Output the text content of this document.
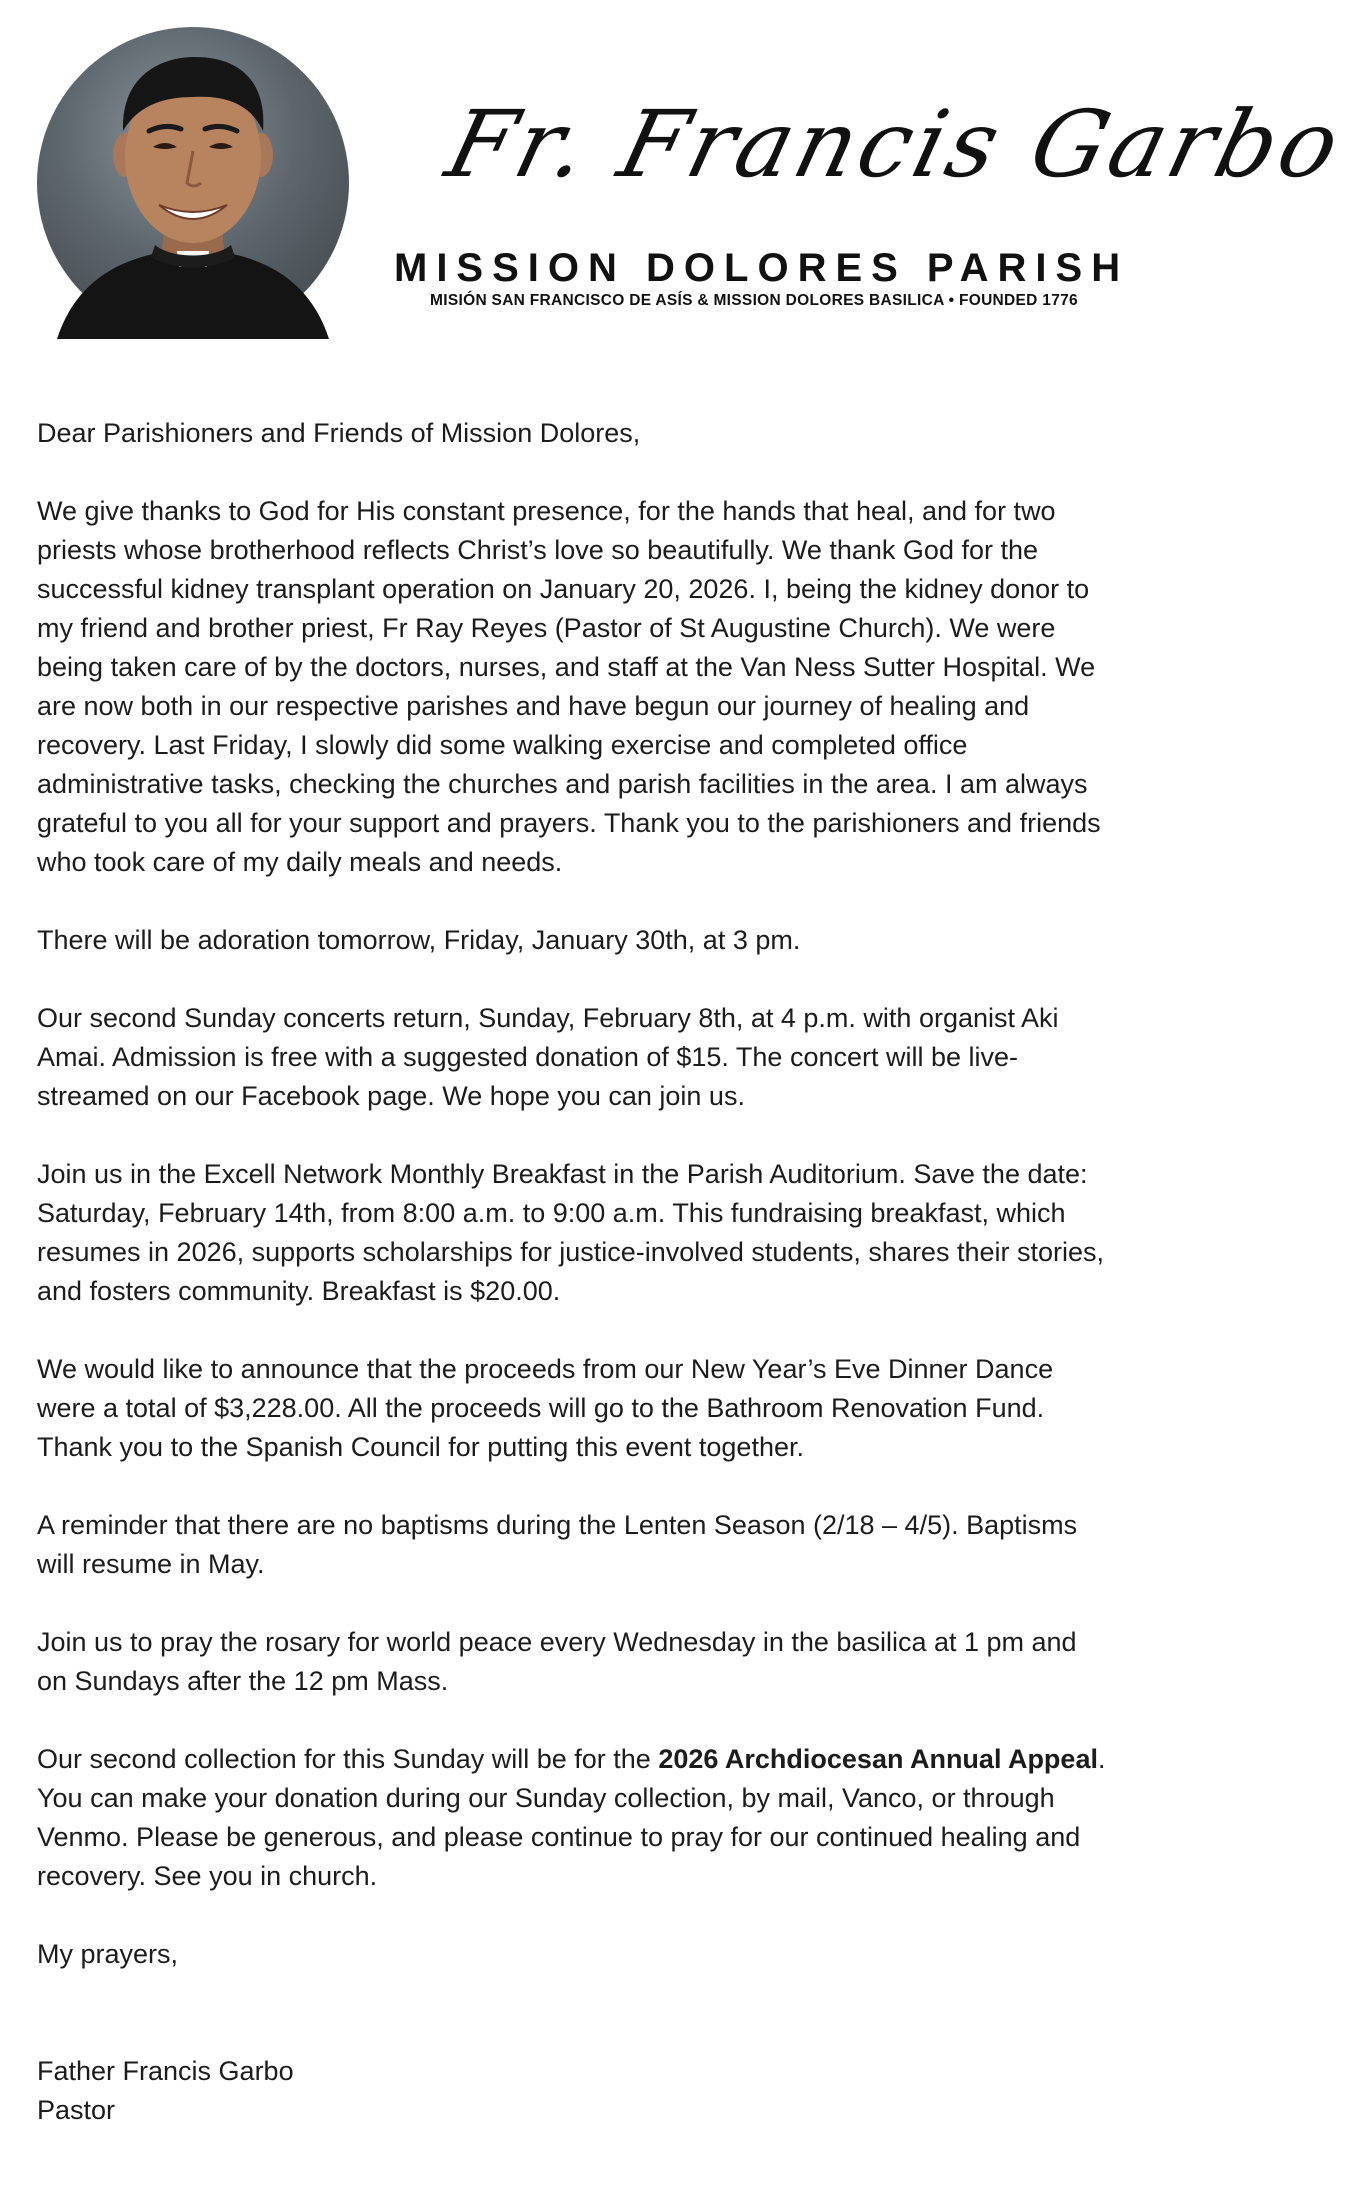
Fr. Francis Garbo
MISSION DOLORES PARISH
MISIÓN SAN FRANCISCO DE ASÍS & MISSION DOLORES BASILICA • FOUNDED 1776

Dear Parishioners and Friends of Mission Dolores,

We give thanks to God for His constant presence, for the hands that heal, and for two priests whose brotherhood reflects Christ’s love so beautifully. We thank God for the successful kidney transplant operation on January 20, 2026. I, being the kidney donor to my friend and brother priest, Fr Ray Reyes (Pastor of St Augustine Church). We were being taken care of by the doctors, nurses, and staff at the Van Ness Sutter Hospital. We are now both in our respective parishes and have begun our journey of healing and recovery. Last Friday, I slowly did some walking exercise and completed office administrative tasks, checking the churches and parish facilities in the area. I am always grateful to you all for your support and prayers. Thank you to the parishioners and friends who took care of my daily meals and needs.

There will be adoration tomorrow, Friday, January 30th, at 3 pm.

Our second Sunday concerts return, Sunday, February 8th, at 4 p.m. with organist Aki Amai. Admission is free with a suggested donation of $15. The concert will be live-streamed on our Facebook page. We hope you can join us.

Join us in the Excell Network Monthly Breakfast in the Parish Auditorium. Save the date: Saturday, February 14th, from 8:00 a.m. to 9:00 a.m. This fundraising breakfast, which resumes in 2026, supports scholarships for justice-involved students, shares their stories, and fosters community. Breakfast is $20.00.

We would like to announce that the proceeds from our New Year’s Eve Dinner Dance were a total of $3,228.00. All the proceeds will go to the Bathroom Renovation Fund. Thank you to the Spanish Council for putting this event together.

A reminder that there are no baptisms during the Lenten Season (2/18 – 4/5). Baptisms will resume in May.

Join us to pray the rosary for world peace every Wednesday in the basilica at 1 pm and on Sundays after the 12 pm Mass.

Our second collection for this Sunday will be for the 2026 Archdiocesan Annual Appeal. You can make your donation during our Sunday collection, by mail, Vanco, or through Venmo. Please be generous, and please continue to pray for our continued healing and recovery. See you in church.

My prayers,

Father Francis Garbo

Pastor
